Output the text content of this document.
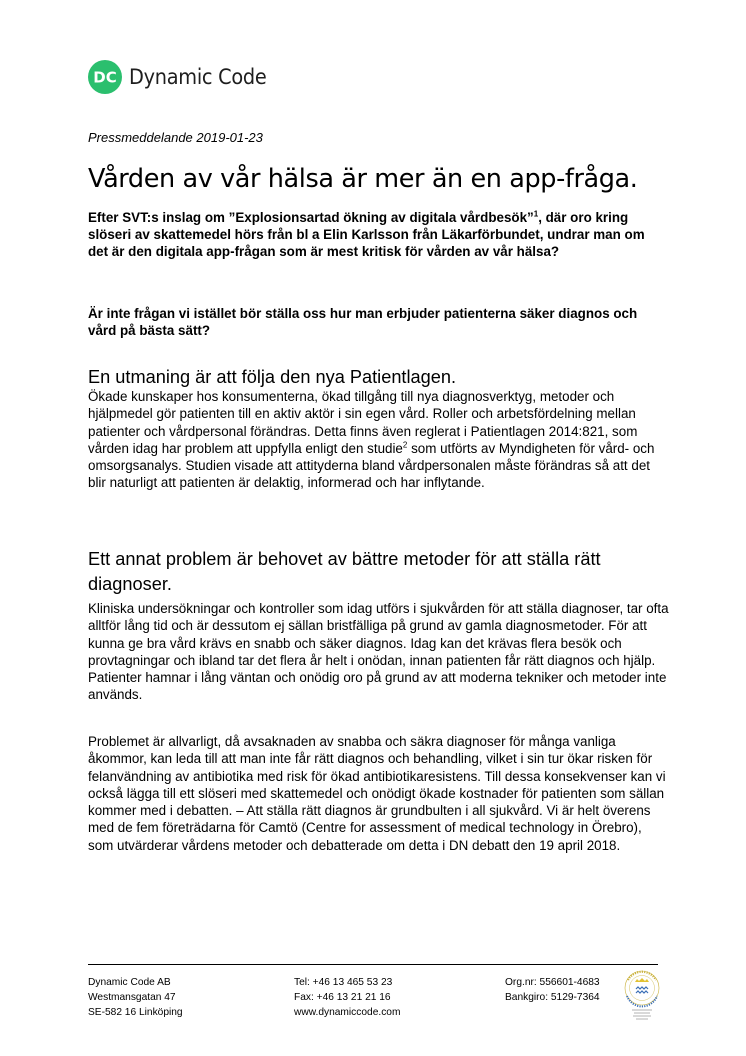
DC Dynamic Code
Pressmeddelande 2019-01-23
Vården av vår hälsa är mer än en app-fråga.

Efter SVT:s inslag om ”Explosionsartad ökning av digitala vårdbesök”$^1$, där oro kring slöseri av skattemedel hörs från bl a Elin Karlsson från Läkarförbundet, undrar man om det är den digitala app-frågan som är mest kritisk för vården av vår hälsa?

Är inte frågan vi istället bör ställa oss hur man erbjuder patienterna säker diagnos och vård på bästa sätt?

En utmaning är att följa den nya Patientlagen.

Ökade kunskaper hos konsumenterna, ökad tillgång till nya diagnosverktyg, metoder och hjälpmedel gör patienten till en aktiv aktör i sin egen vård. Roller och arbetsfördelning mellan patienter och vårdpersonal förändras. Detta finns även reglerat i Patientlagen 2014:821, som vården idag har problem att uppfylla enligt den studie$^2$ som utförts av Myndigheten för vård- och omsorgsanalys. Studien visade att attityderna bland vårdpersonalen måste förändras så att det blir naturligt att patienten är delaktig, informerad och har inflytande.

Ett annat problem är behovet av bättre metoder för att ställa rätt diagnoser.

Kliniska undersökningar och kontroller som idag utförs i sjukvården för att ställa diagnoser, tar ofta alltför lång tid och är dessutom ej sällan bristfälliga på grund av gamla diagnosmetoder. För att kunna ge bra vård krävs en snabb och säker diagnos. Idag kan det krävas flera besök och provtagningar och ibland tar det flera år helt i onödan, innan patienten får rätt diagnos och hjälp. Patienter hamnar i lång väntan och onödig oro på grund av att moderna tekniker och metoder inte används.

Problemet är allvarligt, då avsaknaden av snabba och säkra diagnoser för många vanliga åkommor, kan leda till att man inte får rätt diagnos och behandling, vilket i sin tur ökar risken för felanvändning av antibiotika med risk för ökad antibiotikaresistens. Till dessa konsekvenser kan vi också lägga till ett slöseri med skattemedel och onödigt ökade kostnader för patienten som sällan kommer med i debatten. – Att ställa rätt diagnos är grundbulten i all sjukvård. Vi är helt överens med de fem företrädarna för Camtö (Centre for assessment of medical technology in Örebro), som utvärderar vårdens metoder och debatterade om detta i DN debatt den 19 april 2018.

Dynamic Code AB
Westmansgatan 47
SE-582 16 Linköping
Tel: +46 13 465 53 23
Fax: +46 13 21 21 16
www.dynamiccode.com
Org.nr: 556601-4683
Bankgiro: 5129-7364
